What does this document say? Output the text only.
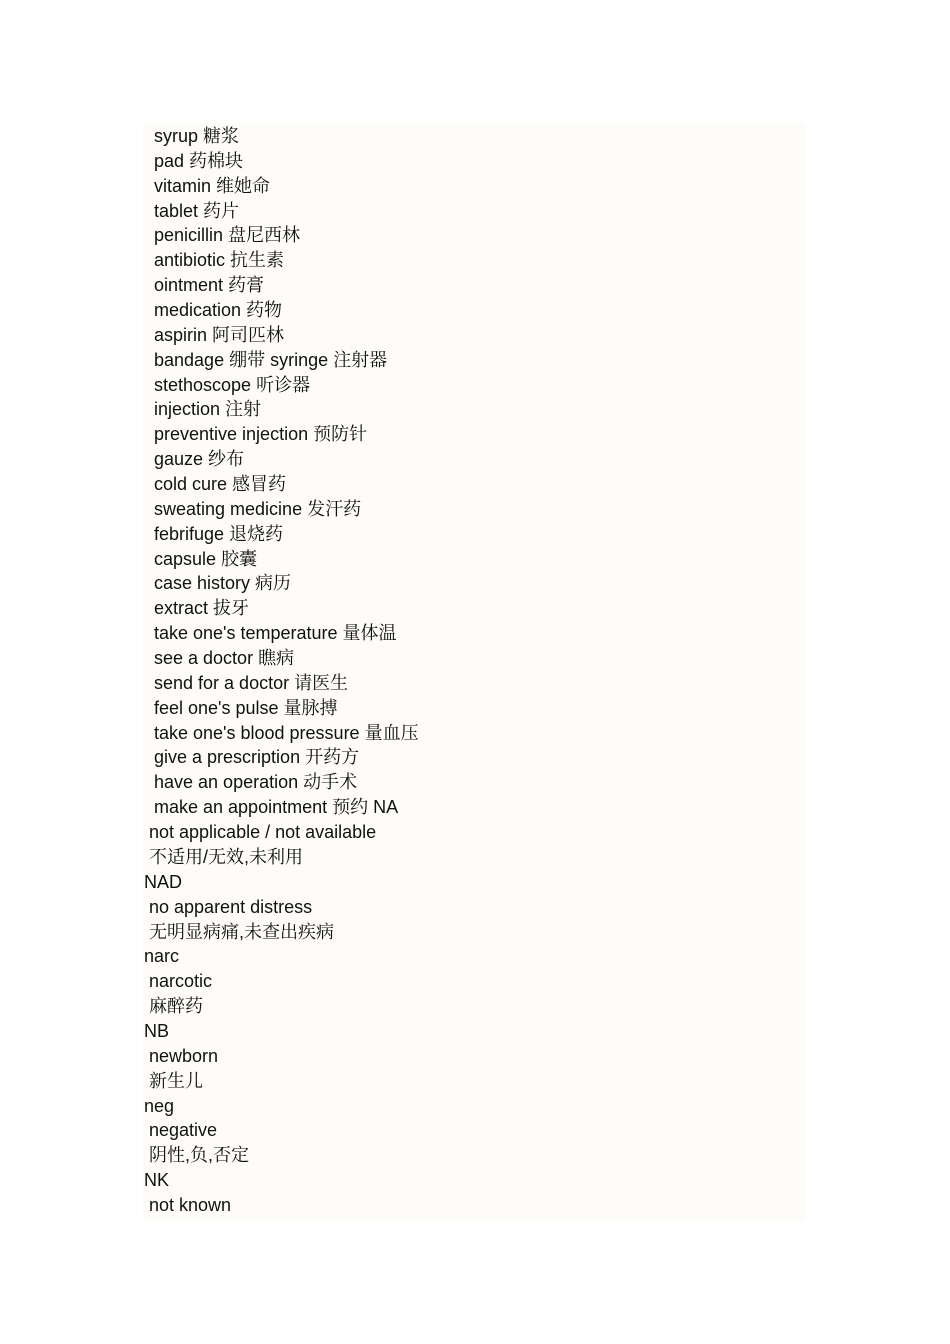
syrup 糖浆
pad 药棉块
vitamin 维她命
tablet 药片
penicillin 盘尼西林
antibiotic 抗生素
ointment 药膏
medication 药物
aspirin 阿司匹林
bandage 绷带 syringe 注射器
stethoscope 听诊器
injection 注射
preventive injection 预防针
gauze 纱布
cold cure 感冒药
sweating medicine 发汗药
febrifuge 退烧药
capsule 胶囊
case history 病历
extract 拔牙
take one's temperature 量体温
see a doctor 瞧病
send for a doctor 请医生
feel one's pulse 量脉搏
take one's blood pressure 量血压
give a prescription 开药方
have an operation 动手术
make an appointment 预约 NA
not applicable / not available
不适用/无效,未利用
NAD
no apparent distress
无明显病痛,未查出疾病
narc
narcotic
麻醉药
NB
newborn
新生儿
neg
negative
阴性,负,否定
NK
not known
